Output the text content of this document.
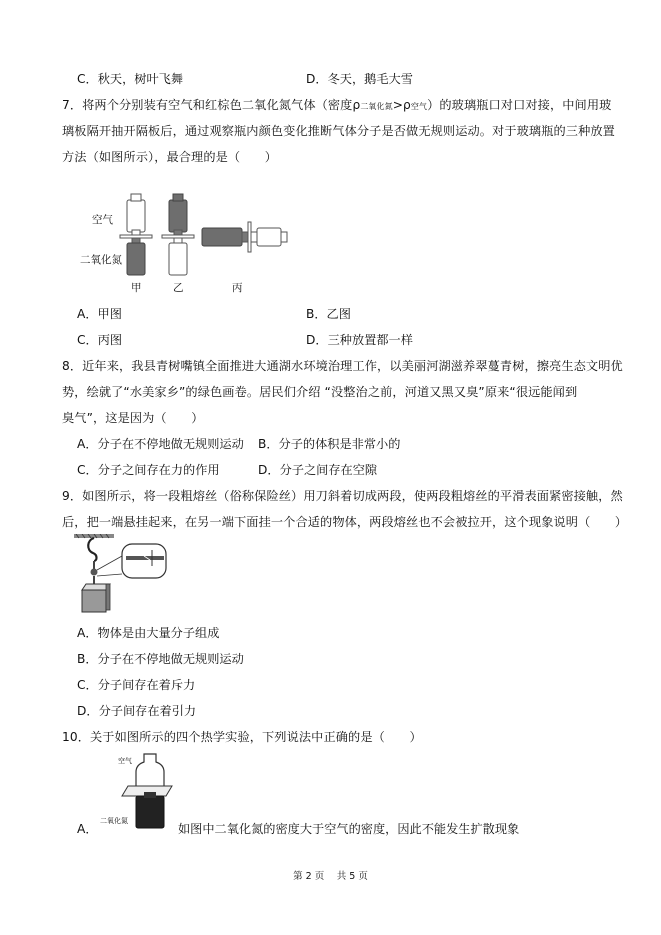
C．秋天，树叶飞舞	D．冬天，鹅毛大雪
7．将两个分别装有空气和红棕色二氧化氮气体（密度ρ二氧化氮>ρ空气）的玻璃瓶口对口对接，中间用玻
璃板隔开抽开隔板后，通过观察瓶内颜色变化推断气体分子是否做无规则运动。对于玻璃瓶的三种放置
方法（如图所示），最合理的是（　　）
空气
二氧化氮
甲	乙	丙
A．甲图	B．乙图
C．丙图	D．三种放置都一样
8．近年来，我县青树嘴镇全面推进大通湖水环境治理工作，以美丽河湖滋养翠蔓青树，擦亮生态文明优
势，绘就了“水美家乡”的绿色画卷。居民们介绍 “没整治之前，河道又黑又臭”原来“很远能闻到
臭气”，这是因为（　　）
A．分子在不停地做无规则运动 B．分子的体积是非常小的
C．分子之间存在力的作用	D．分子之间存在空隙
9．如图所示，将一段粗熔丝（俗称保险丝）用刀斜着切成两段，使两段粗熔丝的平滑表面紧密接触，然
后，把一端悬挂起来，在另一端下面挂一个合适的物体，两段熔丝也不会被拉开，这个现象说明（　　）
A．物体是由大量分子组成
B．分子在不停地做无规则运动
C．分子间存在着斥力
D．分子间存在着引力
10．关于如图所示的四个热学实验，下列说法中正确的是（　　）
空气
二氧化氮
A．	如图中二氧化氮的密度大于空气的密度，因此不能发生扩散现象
第 2 页　 共 5 页
